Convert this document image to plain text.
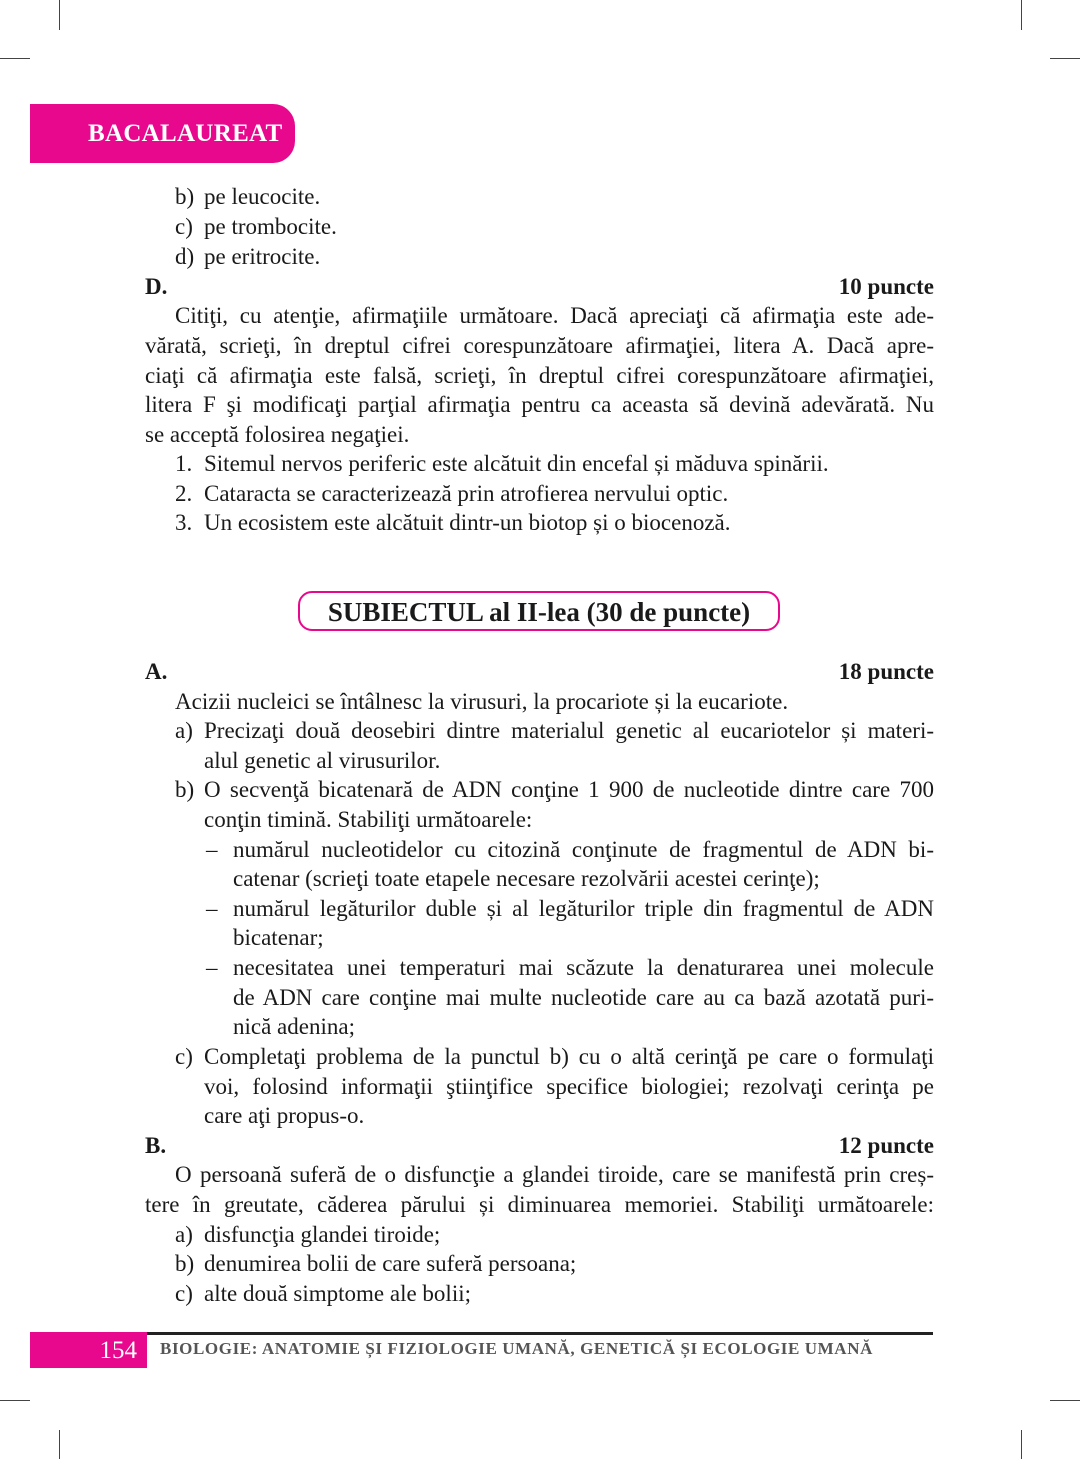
BACALAUREAT
b) pe leucocite.
c) pe trombocite.
d) pe eritrocite.
D.	10 puncte
Citiţi, cu atenţie, afirmaţiile următoare. Dacă apreciaţi că afirmaţia este ade-
vărată, scrieţi, în dreptul cifrei corespunzătoare afirmaţiei, litera A. Dacă apre-
ciaţi că afirmaţia este falsă, scrieţi, în dreptul cifrei corespunzătoare afirmaţiei,
litera F şi modificaţi parţial afirmaţia pentru ca aceasta să devină adevărată. Nu
se acceptă folosirea negaţiei.
1. Sitemul nervos periferic este alcătuit din encefal și măduva spinării.
2. Cataracta se caracterizează prin atrofierea nervului optic.
3. Un ecosistem este alcătuit dintr-un biotop și o biocenoză.
SUBIECTUL al II-lea (30 de puncte)
A.	18 puncte
Acizii nucleici se întâlnesc la virusuri, la procariote și la eucariote.
a) Precizaţi două deosebiri dintre materialul genetic al eucariotelor și materi-
alul genetic al virusurilor.
b) O secvenţă bicatenară de ADN conţine 1 900 de nucleotide dintre care 700
conţin timină. Stabiliţi următoarele:
– numărul nucleotidelor cu citozină conţinute de fragmentul de ADN bi-
catenar (scrieţi toate etapele necesare rezolvării acestei cerinţe);
– numărul legăturilor duble și al legăturilor triple din fragmentul de ADN
bicatenar;
– necesitatea unei temperaturi mai scăzute la denaturarea unei molecule
de ADN care conţine mai multe nucleotide care au ca bază azotată puri-
nică adenina;
c) Completaţi problema de la punctul b) cu o altă cerinţă pe care o formulaţi
voi, folosind informaţii ştiinţifice specifice biologiei; rezolvaţi cerinţa pe
care aţi propus-o.
B.	12 puncte
O persoană suferă de o disfuncţie a glandei tiroide, care se manifestă prin creș-
tere în greutate, căderea părului și diminuarea memoriei. Stabiliţi următoarele:
a) disfuncţia glandei tiroide;
b) denumirea bolii de care suferă persoana;
c) alte două simptome ale bolii;
154	BIOLOGIE: ANATOMIE ȘI FIZIOLOGIE UMANĂ, GENETICĂ ȘI ECOLOGIE UMANĂ
